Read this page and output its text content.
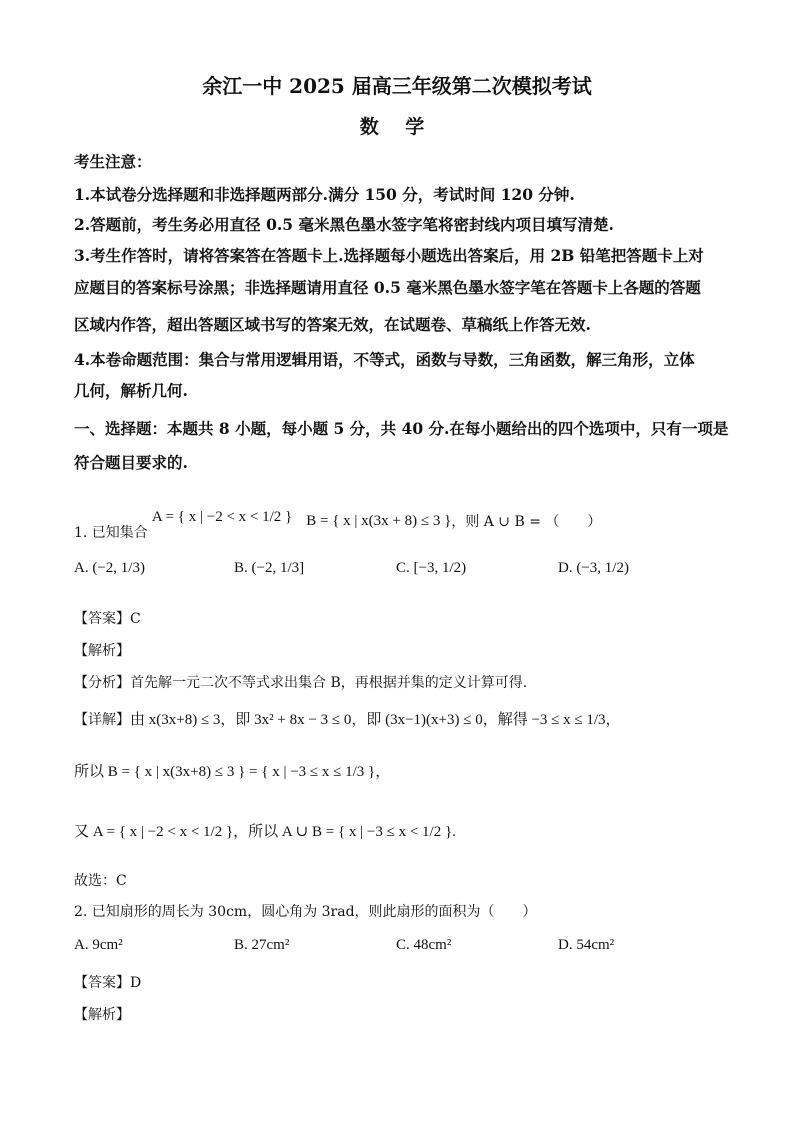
余江一中 2025 届高三年级第二次模拟考试
数 学
考生注意：
1.本试卷分选择题和非选择题两部分.满分 150 分，考试时间 120 分钟.
2.答题前，考生务必用直径 0.5 毫米黑色墨水签字笔将密封线内项目填写清楚.
3.考生作答时，请将答案答在答题卡上.选择题每小题选出答案后，用 2B 铅笔把答题卡上对
应题目的答案标号涂黑；非选择题请用直径 0.5 毫米黑色墨水签字笔在答题卡上各题的答题
区域内作答，超出答题区域书写的答案无效，在试题卷、草稿纸上作答无效.
4.本卷命题范围：集合与常用逻辑用语，不等式，函数与导数，三角函数，解三角形，立体
几何，解析几何.
一、选择题：本题共 8 小题，每小题 5 分，共 40 分.在每小题给出的四个选项中，只有一项是
符合题目要求的.
1. 已知集合
A = { x | −2 < x < 1/2 } B = { x | x(3x + 8) ≤ 3 } ，则 A ∪ B = （　　）
A. (−2, 1/3)	B. (−2, 1/3]	C. [−3, 1/2)	D. (−3, 1/2)
【答案】C
【解析】
【分析】首先解一元二次不等式求出集合 B，再根据并集的定义计算可得.
【详解】由 x(3x+8) ≤ 3，即 3x² + 8x − 3 ≤ 0，即 (3x−1)(x+3) ≤ 0，解得 −3 ≤ x ≤ 1/3，
所以 B = { x | x(3x+8) ≤ 3 } = { x | −3 ≤ x ≤ 1/3 }，
又 A = { x | −2 < x < 1/2 }，所以 A ∪ B = { x | −3 ≤ x < 1/2 }.
故选：C
2. 已知扇形的周长为 30cm，圆心角为 3rad，则此扇形的面积为（　　）
A. 9cm²	B. 27cm²	C. 48cm²	D. 54cm²
【答案】D
【解析】
